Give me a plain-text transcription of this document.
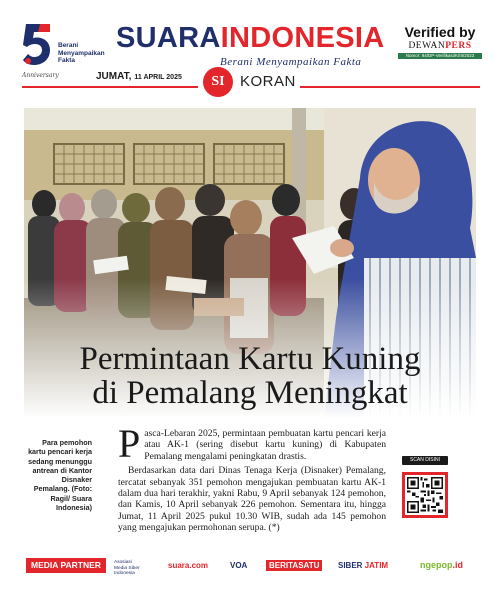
Berani
Menyampaikan
Fakta
Anniversary
SUARAINDONESIA
Berani Menyampaikan Fakta
Verified by
DEWANPERS
Nomor: 94/DP-Verifikasi/K/III/2023
JUMAT, 11 APRIL 2025	SI	KORAN
Permintaan Kartu Kuning
di Pemalang Meningkat
Para pemohon kartu pencari kerja sedang menunggu antrean di Kantor Disnaker Pemalang. (Foto: Ragil/ Suara Indonesia)

Pasca-Lebaran 2025, permintaan pembuatan kartu pencari kerja atau AK-1 (sering disebut kartu kuning) di Kabupaten Pemalang mengalami peningkatan drastis.

Berdasarkan data dari Dinas Tenaga Kerja (Disnaker) Pemalang, tercatat sebanyak 351 pemohon mengajukan pembuatan kartu AK-1 dalam dua hari terakhir, yakni Rabu, 9 April sebanyak 124 pemohon, dan Kamis, 10 April sebanyak 226 pemohon. Sementara itu, hingga Jumat, 11 April 2025 pukul 10.30 WIB, sudah ada 145 pemohon yang mengajukan permohonan serupa. (*)

SCAN DISINI
MEDIA PARTNER	Asosiasi
Media Siber
Indonesia
suara.com	VOA	BERITASATU	SIBER JATIM	ngepop.id
